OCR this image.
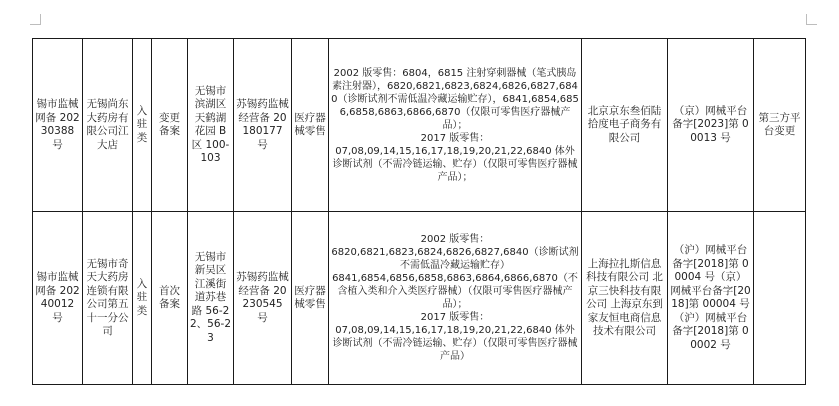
锡市监械网备 20230388 号	无锡尚东大药房有限公司江大店	入驻类	变更备案	无锡市滨湖区天鹤湖花园 B 区 100-103	苏锡药监械经营备 20180177 号	医疗器械零售	2002 版零售：6804，6815 注射穿刺器械（笔式胰岛素注射器），6820,6821,6823,6824,6826,6827,6840（诊断试剂不需低温冷藏运输贮存），6841,6854,6856,6858,6863,6866,6870（仅限可零售医疗器械产品）；
2017 版零售：
07,08,09,14,15,16,17,18,19,20,21,22,6840 体外诊断试剂（不需冷链运输、贮存）（仅限可零售医疗器械产品）；	北京京东叁佰陆拾度电子商务有限公司	（京）网械平台备字[2023]第 00013 号	第三方平台变更
锡市监械网备 20240012 号	无锡市奇天大药房连锁有限公司第五十一分公司	入驻类	首次备案	无锡市新吴区江溪街道苏巷路 56-22、56-23	苏锡药监械经营备 20230545 号	医疗器械零售	2002 版零售：
6820,6821,6823,6824,6826,6827,6840（诊断试剂不需低温冷藏运输贮存）
6841,6854,6856,6858,6863,6864,6866,6870（不含植入类和介入类医疗器械）（仅限可零售医疗器械产品）；
2017 版零售：
07,08,09,14,15,16,17,18,19,20,21,22,6840 体外诊断试剂（不需冷链运输、贮存）（仅限可零售医疗器械产品）	上海拉扎斯信息科技有限公司 北京三快科技有限公司 上海京东到家友恒电商信息技术有限公司	（沪）网械平台备字[2018]第 00004 号（京）网械平台备字[2018]第 00004 号（沪）网械平台备字[2018]第 00002 号	
